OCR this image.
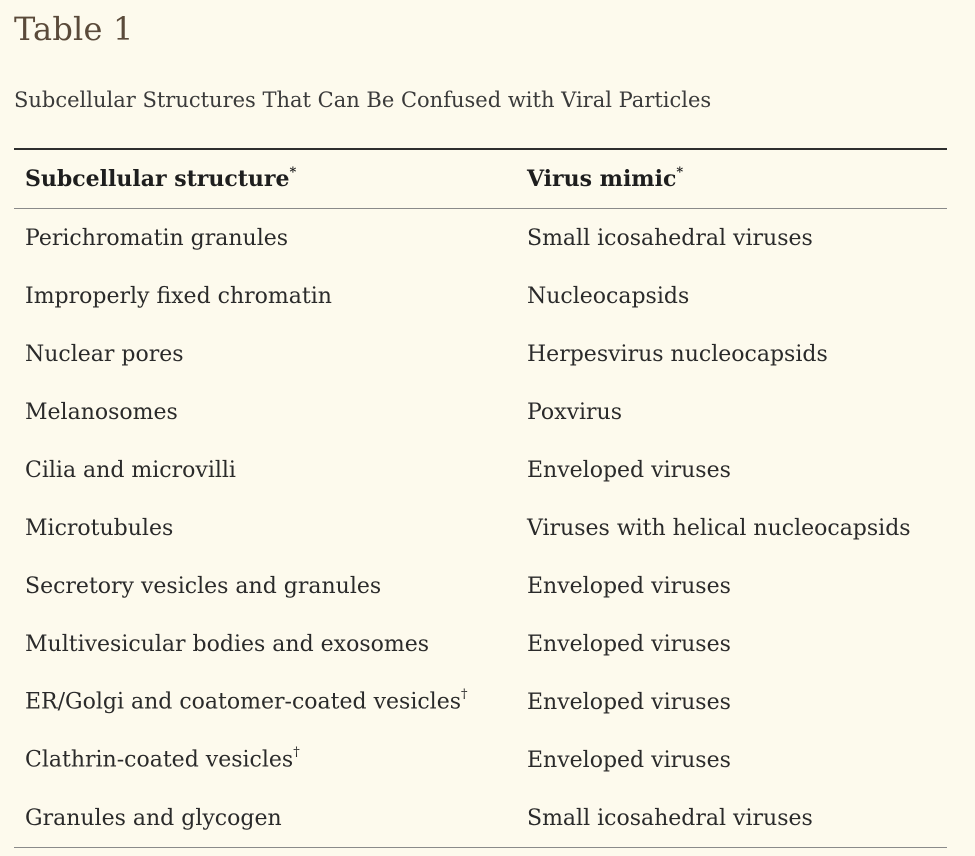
Table 1
Subcellular Structures That Can Be Confused with Viral Particles
Subcellular structure*	Virus mimic*
Perichromatin granules	Small icosahedral viruses
Improperly fixed chromatin	Nucleocapsids
Nuclear pores	Herpesvirus nucleocapsids
Melanosomes	Poxvirus
Cilia and microvilli	Enveloped viruses
Microtubules	Viruses with helical nucleocapsids
Secretory vesicles and granules	Enveloped viruses
Multivesicular bodies and exosomes	Enveloped viruses
ER/Golgi and coatomer-coated vesicles†	Enveloped viruses
Clathrin-coated vesicles†	Enveloped viruses
Granules and glycogen	Small icosahedral viruses
